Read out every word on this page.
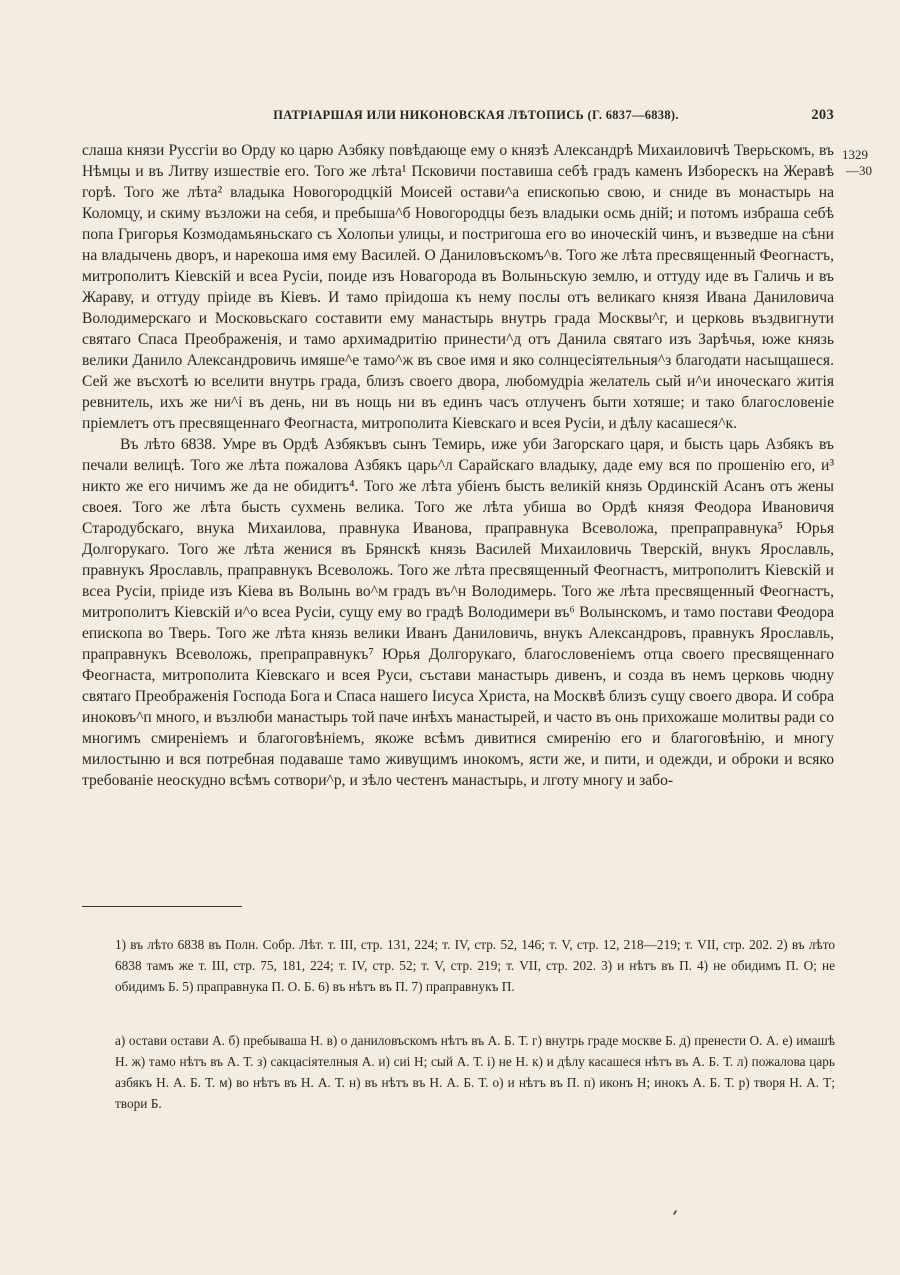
ПАТРІАРШАЯ ИЛИ НИКОНОВСКАЯ ЛѢТОПИСЬ (Г. 6837—6838).	203
1329
—30

слаша князи Руссгіи во Орду ко царю Азбяку повѣдающе ему о князѣ Александрѣ Михаиловичѣ Тверьскомъ, въ Нѣмцы и въ Литву изшествіе его. Того же лѣта¹ Псковичи поставиша себѣ градъ каменъ Изборескъ на Жеравѣ горѣ. Того же лѣта² владыка Новогородцкій Моисей остави^а епископью свою, и сниде въ монастырь на Коломцу, и скиму възложи на себя, и пребыша^б Новогородцы безъ владыки осмь дній; и потомъ избраша себѣ попа Григорья Козмодамьяньскаго съ Холопьи улицы, и постригоша его во иноческій чинъ, и възведше на сѣни на владычень дворъ, и нарекоша имя ему Василей. О Даниловъскомъ^в. Того же лѣта пресвященный Феогнастъ, митрополитъ Кіевскій и всеа Русіи, поиде изъ Новагорода въ Волыньскую землю, и оттуду иде въ Галичь и въ Жараву, и оттуду пріиде въ Кіевъ. И тамо пріидоша къ нему послы отъ великаго князя Ивана Даниловича Володимерскаго и Московьскаго составити ему манастырь внутрь града Москвы^г, и церковь въздвигнути святаго Спаса Преображенія, и тамо архимадритію принести^д отъ Данила святаго изъ Зарѣчья, юже князь велики Данило Александровичь имяше^е тамо^ж въ свое имя и яко солнцесіятельныя^з благодати насыщашеся. Сей же въсхотѣ ю вселити внутрь града, близъ своего двора, любомудріа желатель сый и^и иноческаго житія ревнитель, ихъ же ни^і въ день, ни въ нощь ни въ единъ часъ отлученъ быти хотяше; и тако благословеніе пріемлетъ отъ пресвященнаго Феогнаста, митрополита Кіевскаго и всея Русіи, и дѣлу касашеся^к.

Въ лѣто 6838. Умре въ Ордѣ Азбякъвъ сынъ Темирь, иже уби Загорскаго царя, и бысть царь Азбякъ въ печали велицѣ. Того же лѣта пожалова Азбякъ царь^л Сарайскаго владыку, даде ему вся по прошенію его, и³ никто же его ничимъ же да не обидитъ⁴. Того же лѣта убіенъ бысть великій князь Ординскій Асанъ отъ жены своея. Того же лѣта бысть сухмень велика. Того же лѣта убиша во Ордѣ князя Феодора Ивановичя Стародубскаго, внука Михаилова, правнука Иванова, праправнука Всеволожа, препраправнука⁵ Юрья Долгорукаго. Того же лѣта женися въ Брянскѣ князь Василей Михаиловичь Тверскій, внукъ Ярославль, правнукъ Ярославль, праправнукъ Всеволожь. Того же лѣта пресвященный Феогнастъ, митрополитъ Кіевскій и всеа Русіи, пріиде изъ Кіева въ Волынь во^м градъ въ^н Володимерь. Того же лѣта пресвященный Феогнастъ, митрополитъ Кіевскій и^о всеа Русіи, сущу ему во градѣ Володимери въ⁶ Волынскомъ, и тамо постави Феодора епископа во Тверь. Того же лѣта князь велики Иванъ Даниловичь, внукъ Александровъ, правнукъ Ярославль, праправнукъ Всеволожь, препраправнукъ⁷ Юрья Долгорукаго, благословеніемъ отца своего пресвященнаго Феогнаста, митрополита Кіевскаго и всея Руси, състави манастырь дивенъ, и созда въ немъ церковь чюдну святаго Преображенія Господа Бога и Спаса нашего Іисуса Христа, на Москвѣ близъ сущу своего двора. И собра иноковъ^п много, и възлюби манастырь той паче инѣхъ манастырей, и часто въ онь прихожаше молитвы ради со многимъ смиреніемъ и благоговѣніемъ, якоже всѣмъ дивитися смиренію его и благоговѣнію, и многу милостыню и вся потребная подаваше тамо живущимъ инокомъ, ясти же, и пити, и одежди, и оброки и всяко требованіе неоскудно всѣмъ сотвори^р, и зѣло честенъ манастырь, и лготу многу и забо-

1) въ лѣто 6838 въ Полн. Собр. Лѣт. т. III, стр. 131, 224; т. IV, стр. 52, 146; т. V, стр. 12, 218—219; т. VII, стр. 202. 2) въ лѣто 6838 тамъ же т. III, стр. 75, 181, 224; т. IV, стр. 52; т. V, стр. 219; т. VII, стр. 202. 3) и нѣтъ въ П. 4) не обидимъ П. О; не обидимъ Б. 5) праправнука П. О. Б. 6) въ нѣтъ въ П. 7) праправнукъ П.

а) остави остави А. б) пребываша Н. в) о даниловъскомъ нѣтъ въ А. Б. Т. г) внутрь граде москве Б. д) пренести О. А. е) имашѣ Н. ж) тамо нѣтъ въ А. Т. з) сакцасіятелныя А. и) сиі Н; сый А. Т. і) не Н. к) и дѣлу касашеся нѣтъ въ А. Б. Т. л) пожалова царь азбякъ Н. А. Б. Т. м) во нѣтъ въ Н. А. Т. н) въ нѣтъ въ Н. А. Б. Т. о) и нѣтъ въ П. п) иконъ Н; инокъ А. Б. Т. р) творя Н. А. Т; твори Б.
